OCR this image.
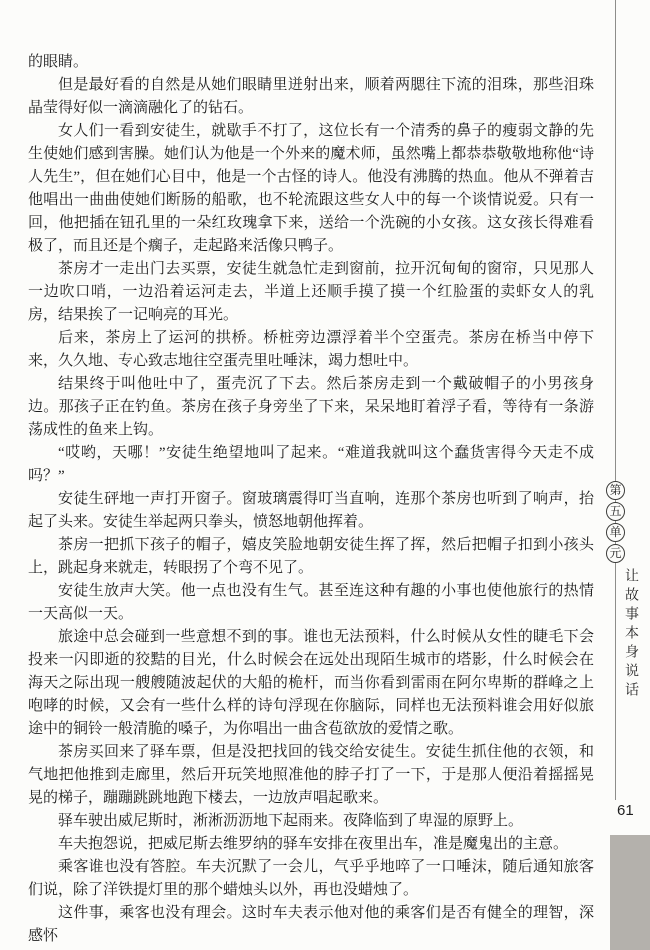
的眼睛。

但是最好看的自然是从她们眼睛里迸射出来，顺着两腮往下流的泪珠，那些泪珠晶莹得好似一滴滴融化了的钻石。

女人们一看到安徒生，就歇手不打了，这位长有一个清秀的鼻子的瘦弱文静的先生使她们感到害臊。她们认为他是一个外来的魔术师，虽然嘴上都恭恭敬敬地称他“诗人先生”，但在她们心目中，他是一个古怪的诗人。他没有沸腾的热血。他从不弹着吉他唱出一曲曲使她们断肠的船歌，也不轮流跟这些女人中的每一个谈情说爱。只有一回，他把插在钮孔里的一朵红玫瑰拿下来，送给一个洗碗的小女孩。这女孩长得难看极了，而且还是个瘸子，走起路来活像只鸭子。

茶房才一走出门去买票，安徒生就急忙走到窗前，拉开沉甸甸的窗帘，只见那人一边吹口哨，一边沿着运河走去，半道上还顺手摸了摸一个红脸蛋的卖虾女人的乳房，结果挨了一记响亮的耳光。

后来，茶房上了运河的拱桥。桥桩旁边漂浮着半个空蛋壳。茶房在桥当中停下来，久久地、专心致志地往空蛋壳里吐唾沫，竭力想吐中。

结果终于叫他吐中了，蛋壳沉了下去。然后茶房走到一个戴破帽子的小男孩身边。那孩子正在钓鱼。茶房在孩子身旁坐了下来，呆呆地盯着浮子看，等待有一条游荡成性的鱼来上钩。

“哎哟，天哪！”安徒生绝望地叫了起来。“难道我就叫这个蠢货害得今天走不成吗？”

安徒生砰地一声打开窗子。窗玻璃震得叮当直响，连那个茶房也听到了响声，抬起了头来。安徒生举起两只拳头，愤怒地朝他挥着。

茶房一把抓下孩子的帽子，嬉皮笑脸地朝安徒生挥了挥，然后把帽子扣到小孩头上，跳起身来就走，转眼拐了个弯不见了。

安徒生放声大笑。他一点也没有生气。甚至连这种有趣的小事也使他旅行的热情一天高似一天。

旅途中总会碰到一些意想不到的事。谁也无法预料，什么时候从女性的睫毛下会投来一闪即逝的狡黠的目光，什么时候会在远处出现陌生城市的塔影，什么时候会在海天之际出现一艘艘随波起伏的大船的桅杆，而当你看到雷雨在阿尔卑斯的群峰之上咆哮的时候，又会有一些什么样的诗句浮现在你脑际，同样也无法预料谁会用好似旅途中的铜铃一般清脆的嗓子，为你唱出一曲含苞欲放的爱情之歌。

茶房买回来了驿车票，但是没把找回的钱交给安徒生。安徒生抓住他的衣领，和气地把他推到走廊里，然后开玩笑地照准他的脖子打了一下，于是那人便沿着摇摇晃晃的梯子，蹦蹦跳跳地跑下楼去，一边放声唱起歌来。

驿车驶出威尼斯时，淅淅沥沥地下起雨来。夜降临到了卑湿的原野上。

车夫抱怨说，把威尼斯去维罗纳的驿车安排在夜里出车，准是魔鬼出的主意。

乘客谁也没有答腔。车夫沉默了一会儿，气乎乎地啐了一口唾沫，随后通知旅客们说，除了洋铁提灯里的那个蜡烛头以外，再也没蜡烛了。

这件事，乘客也没有理会。这时车夫表示他对他的乘客们是否有健全的理智，深感怀

第
五
单
元
让故事本身说话
61
